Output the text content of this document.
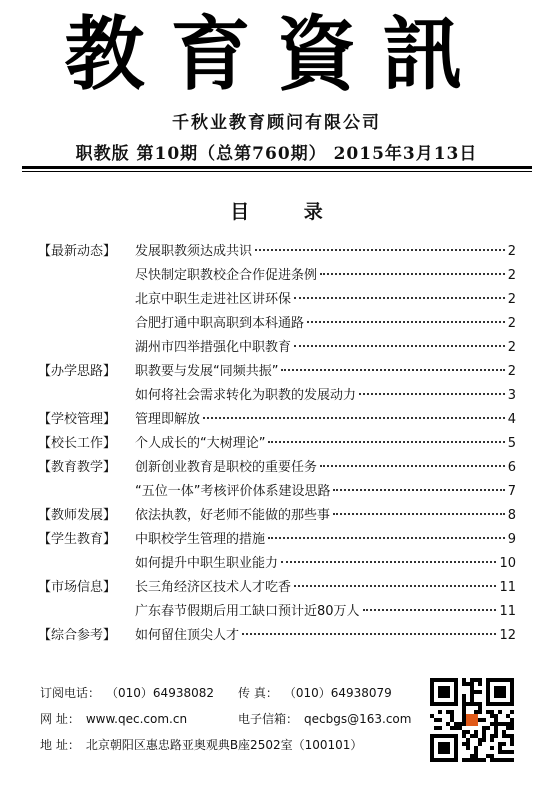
教育資訊
千秋业教育顾问有限公司
职教版 第10期（总第760期） 2015年3月13日
目 录
【最新动态】	发展职教须达成共识	2
尽快制定职教校企合作促进条例	2
北京中职生走进社区讲环保	2
合肥打通中职高职到本科通路	2
湖州市四举措强化中职教育	2
【办学思路】	职教要与发展“同频共振”	2
如何将社会需求转化为职教的发展动力	3
【学校管理】	管理即解放	4
【校长工作】	个人成长的“大树理论”	5
【教育教学】	创新创业教育是职校的重要任务	6
“五位一体”考核评价体系建设思路	7
【教师发展】	依法执教，好老师不能做的那些事	8
【学生教育】	中职校学生管理的措施	9
如何提升中职生职业能力	10
【市场信息】	长三角经济区技术人才吃香	11
广东春节假期后用工缺口预计近80万人	11
【综合参考】	如何留住顶尖人才	12
订阅电话： （010）64938082 传 真： （010）64938079
网 址： www.qec.com.cn	电子信箱： qecbgs@163.com
地 址： 北京朝阳区惠忠路亚奥观典B座2502室（100101）
